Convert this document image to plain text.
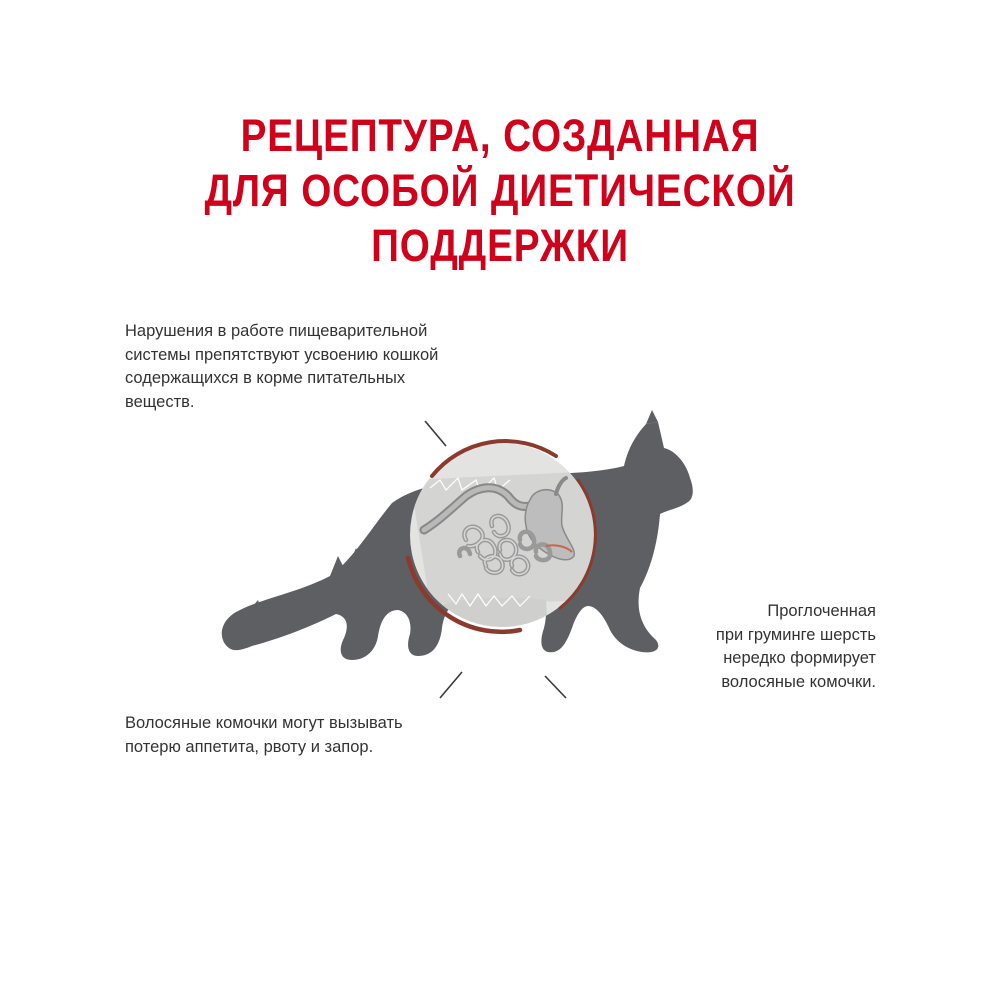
РЕЦЕПТУРА, СОЗДАННАЯ
ДЛЯ ОСОБОЙ ДИЕТИЧЕСКОЙ
ПОДДЕРЖКИ
Нарушения в работе пищеварительной
системы препятствуют усвоению кошкой
содержащихся в корме питательных
веществ.
Проглоченная
при груминге шерсть
нередко формирует
волосяные комочки.
Волосяные комочки могут вызывать
потерю аппетита, рвоту и запор.
